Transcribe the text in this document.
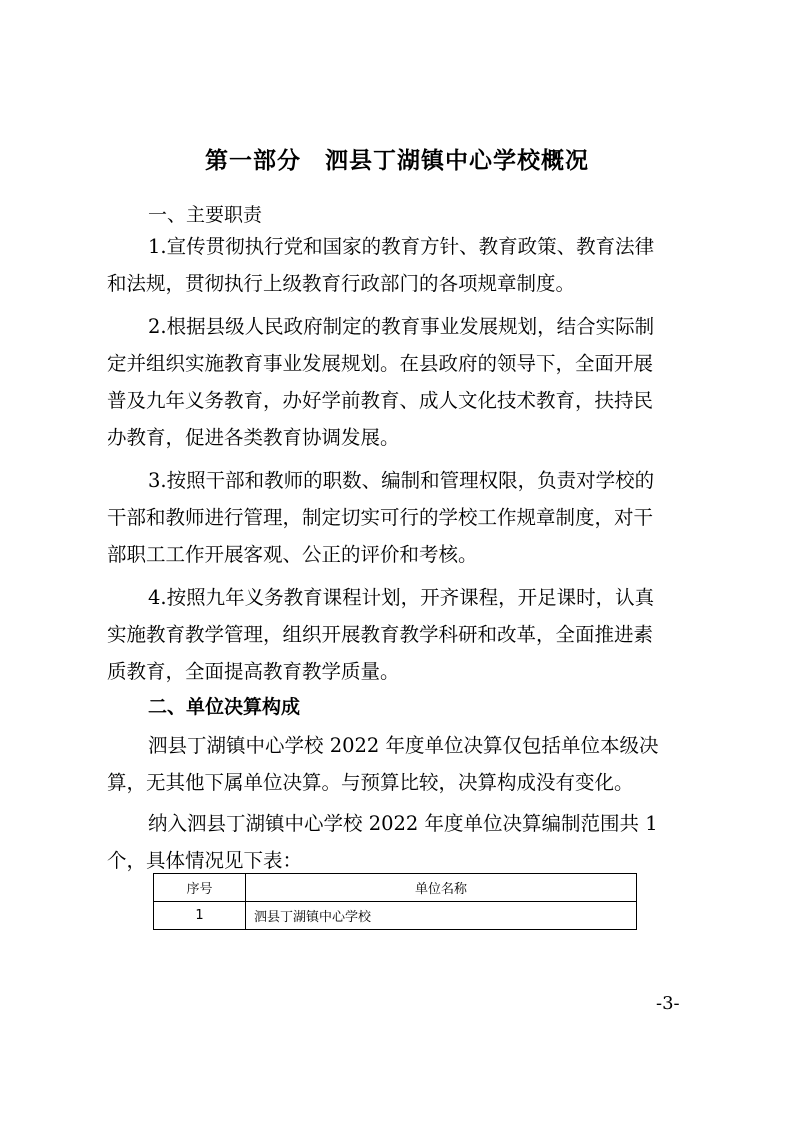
第一部分　泗县丁湖镇中心学校概况
一、主要职责
1.宣传贯彻执行党和国家的教育方针、教育政策、教育法律
和法规，贯彻执行上级教育行政部门的各项规章制度。
2.根据县级人民政府制定的教育事业发展规划，结合实际制
定并组织实施教育事业发展规划。在县政府的领导下，全面开展
普及九年义务教育，办好学前教育、成人文化技术教育，扶持民
办教育，促进各类教育协调发展。
3.按照干部和教师的职数、编制和管理权限，负责对学校的
干部和教师进行管理，制定切实可行的学校工作规章制度，对干
部职工工作开展客观、公正的评价和考核。
4.按照九年义务教育课程计划，开齐课程，开足课时，认真
实施教育教学管理，组织开展教育教学科研和改革，全面推进素
质教育，全面提高教育教学质量。
二、单位决算构成
泗县丁湖镇中心学校 2022 年度单位决算仅包括单位本级决
算，无其他下属单位决算。与预算比较，决算构成没有变化。
纳入泗县丁湖镇中心学校 2022 年度单位决算编制范围共 1
个，具体情况见下表：
序号	单位名称
1	泗县丁湖镇中心学校
-3-
